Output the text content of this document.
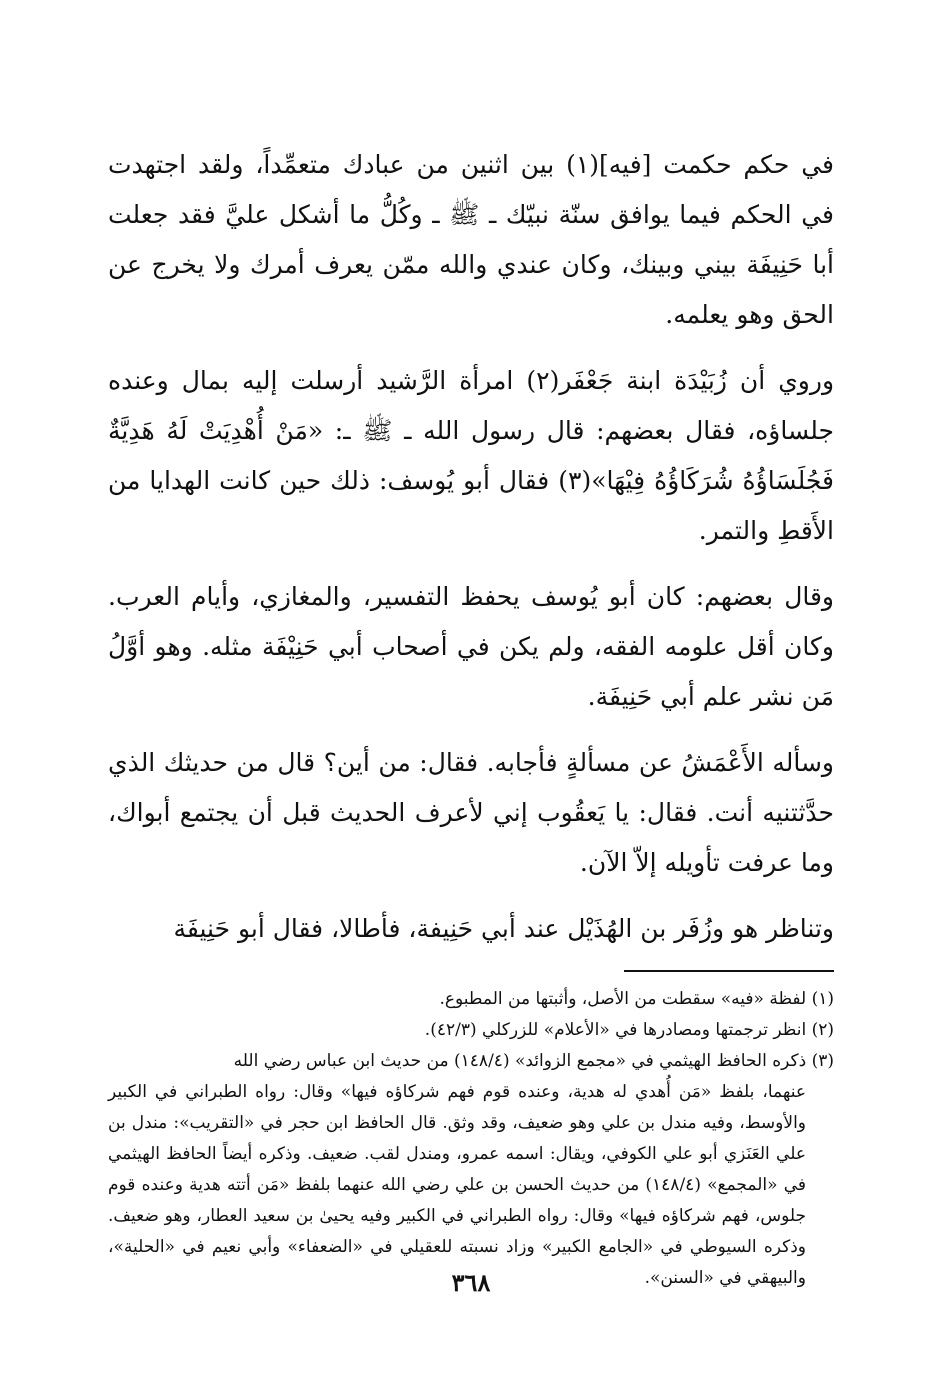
في حكم حكمت [فيه](١) بين اثنين من عبادك متعمِّداً، ولقد اجتهدت في الحكم فيما يوافق سنّة نبيّك ـ ﷺ ـ وكُلُّ ما أشكل عليَّ فقد جعلت أبا حَنِيفَة بيني وبينك، وكان عندي والله ممّن يعرف أمرك ولا يخرج عن الحق وهو يعلمه.

وروي أن زُبَيْدَة ابنة جَعْفَر(٢) امرأة الرَّشيد أرسلت إليه بمال وعنده جلساؤه، فقال بعضهم: قال رسول الله ـ ﷺ ـ: «مَنْ أُهْدِيَتْ لَهُ هَدِيَّةٌ فَجُلَسَاؤُهُ شُرَكَاؤُهُ فِيْهَا»(٣) فقال أبو يُوسف: ذلك حين كانت الهدايا من الأَقطِ والتمر.

وقال بعضهم: كان أبو يُوسف يحفظ التفسير، والمغازي، وأيام العرب. وكان أقل علومه الفقه، ولم يكن في أصحاب أبي حَنِيْفَة مثله. وهو أوَّلُ مَن نشر علم أبي حَنِيفَة.

وسأله الأَعْمَشُ عن مسألةٍ فأجابه. فقال: من أين؟ قال من حديثك الذي حدَّثتنيه أنت. فقال: يا يَعقُوب إني لأعرف الحديث قبل أن يجتمع أبواك، وما عرفت تأويله إلاّ الآن.

وتناظر هو وزُفَر بن الهُذَيْل عند أبي حَنِيفة، فأطالا، فقال أبو حَنِيفَة

(١) لفظة «فيه» سقطت من الأصل، وأثبتها من المطبوع.

(٢) انظر ترجمتها ومصادرها في «الأعلام» للزركلي (٤٢/٣).

(٣) ذكره الحافظ الهيثمي في «مجمع الزوائد» (١٤٨/٤) من حديث ابن عباس رضي الله

عنهما، بلفظ «مَن أُهدي له هدية، وعنده قوم فهم شركاؤه فيها» وقال: رواه الطبراني في الكبير والأوسط، وفيه مندل بن علي وهو ضعيف، وقد وثق. قال الحافظ ابن حجر في «التقريب»: مندل بن علي العَنَزي أبو علي الكوفي، ويقال: اسمه عمرو، ومندل لقب. ضعيف. وذكره أيضاً الحافظ الهيثمي في «المجمع» (١٤٨/٤) من حديث الحسن بن علي رضي الله عنهما بلفظ «مَن أتته هدية وعنده قوم جلوس، فهم شركاؤه فيها» وقال: رواه الطبراني في الكبير وفيه يحيىٰ بن سعيد العطار، وهو ضعيف. وذكره السيوطي في «الجامع الكبير» وزاد نسبته للعقيلي في «الضعفاء» وأبي نعيم في «الحلية»، والبيهقي في «السنن».

٣٦٨
